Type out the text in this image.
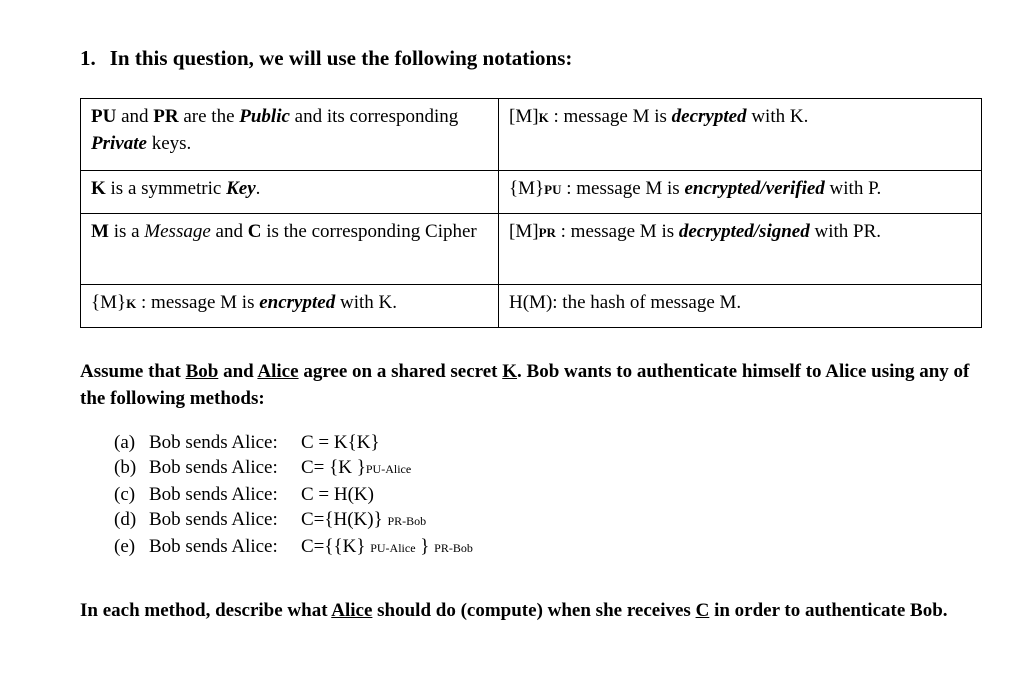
1. In this question, we will use the following notations:
PU and PR are the Public and its corresponding Private keys.	[M]K : message M is decrypted with K.
K is a symmetric Key.	{M}PU : message M is encrypted/verified with P.
M is a Message and C is the corresponding Cipher	[M]PR : message M is decrypted/signed with PR.
{M}K : message M is encrypted with K.	H(M): the hash of message M.

Assume that Bob and Alice agree on a shared secret K. Bob wants to authenticate himself to Alice using any of the following methods:

(a) Bob sends Alice: C = K{K}
(b) Bob sends Alice: C= {K }PU-Alice
(c) Bob sends Alice: C = H(K)
(d) Bob sends Alice: C={H(K)} PR-Bob
(e) Bob sends Alice: C={{K} PU-Alice } PR-Bob

In each method, describe what Alice should do (compute) when she receives C in order to authenticate Bob.
